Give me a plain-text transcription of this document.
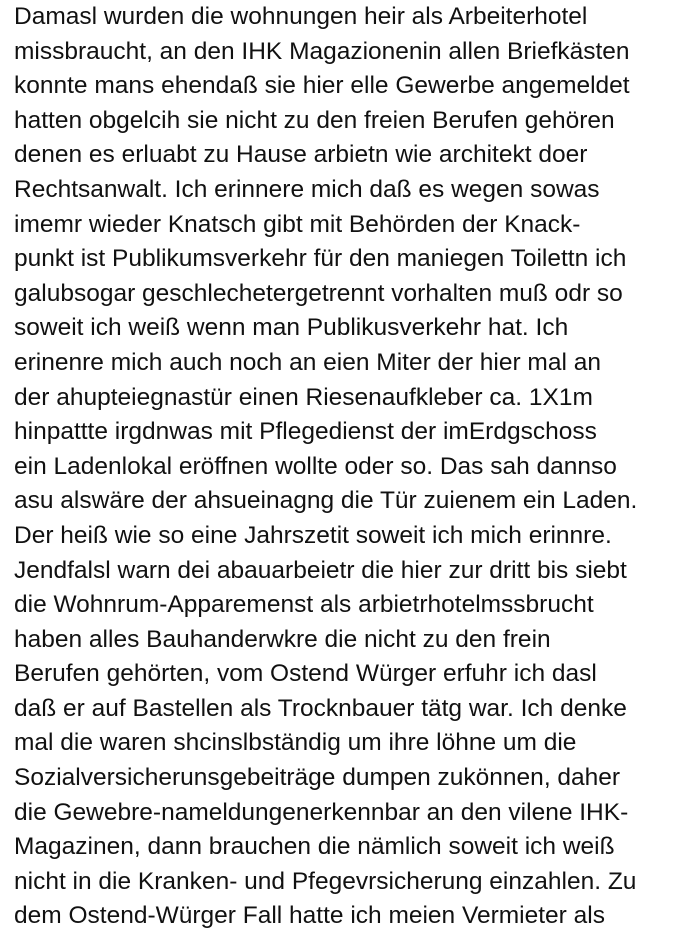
Damasl wurden die wohnungen heir als Arbeiterhotel
missbraucht, an den IHK Magazionenin allen Briefkästen
konnte mans ehendaß sie hier elle Gewerbe angemeldet
hatten obgelcih sie nicht zu den freien Berufen gehören
denen es erluabt zu Hause arbietn wie architekt doer
Rechtsanwalt. Ich erinnere mich daß es wegen sowas
imemr wieder Knatsch gibt mit Behörden der Knack-
punkt ist Publikumsverkehr für den maniegen Toilettn ich
galubsogar geschlechetergetrennt vorhalten muß odr so
soweit ich weiß wenn man Publikusverkehr hat. Ich
erinenre mich auch noch an eien Miter der hier mal an
der ahupteiegnastür einen Riesenaufkleber ca. 1X1m
hinpattte irgdnwas mit Pflegedienst der imErdgschoss
ein Ladenlokal eröffnen wollte oder so. Das sah dannso
asu alswäre der ahsueinagng die Tür zuienem ein Laden.
Der heiß wie so eine Jahrszetit soweit ich mich erinnre.
Jendfalsl warn dei abauarbeietr die hier zur dritt bis siebt
die Wohnrum-Apparemenst als arbietrhotelmssbrucht
haben alles Bauhanderwkre die nicht zu den frein
Berufen gehörten, vom Ostend Würger erfuhr ich dasl
daß er auf Bastellen als Trocknbauer tätg war. Ich denke
mal die waren shcinslbständig um ihre löhne um die
Sozialversicherunsgebeiträge dumpen zukönnen, daher
die Gewebre-nameldungenerkennbar an den vilene IHK-
Magazinen, dann brauchen die nämlich soweit ich weiß
nicht in die Kranken- und Pfegevrsicherung einzahlen. Zu
dem Ostend-Würger Fall hatte ich meien Vermieter als
